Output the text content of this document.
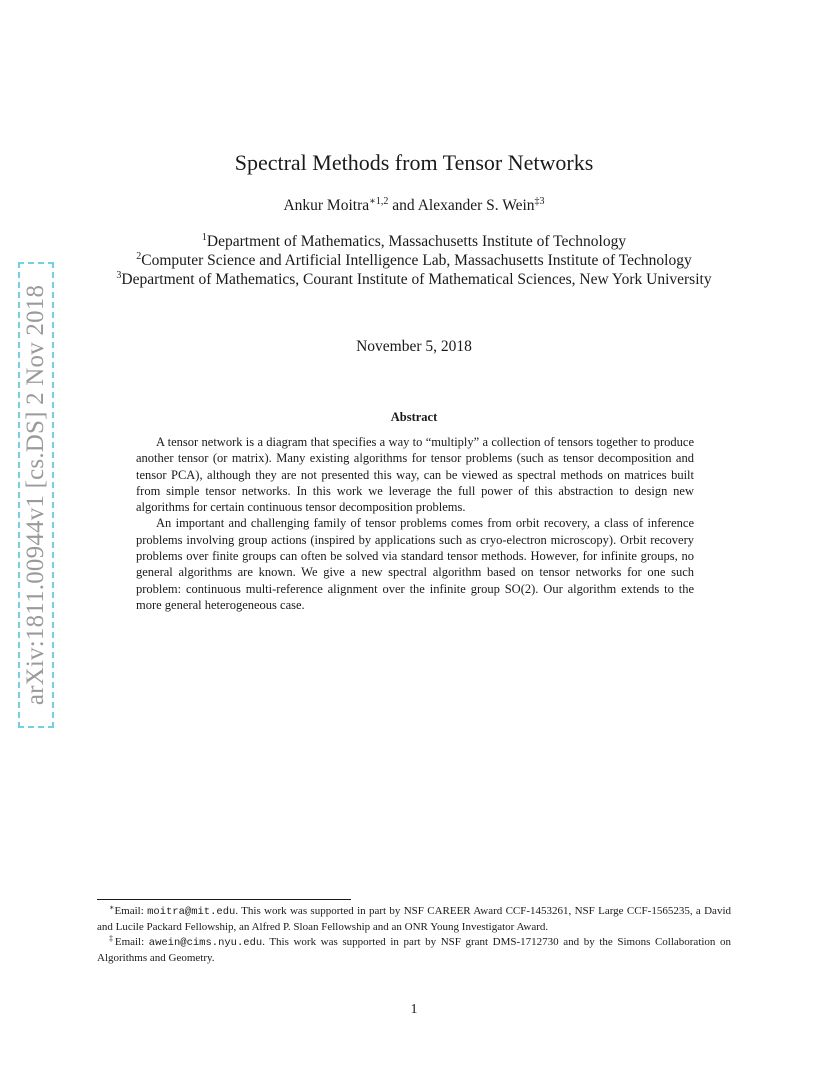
arXiv:1811.00944v1 [cs.DS] 2 Nov 2018
Spectral Methods from Tensor Networks
Ankur Moitra$^{∗1,2}$ and Alexander S. Wein$^{\ddagger 3}$
$^1$Department of Mathematics, Massachusetts Institute of Technology
$^2$Computer Science and Artificial Intelligence Lab, Massachusetts Institute of Technology
$^3$Department of Mathematics, Courant Institute of Mathematical Sciences, New York University
November 5, 2018
Abstract

A tensor network is a diagram that specifies a way to “multiply” a collection of tensors together to produce another tensor (or matrix). Many existing algorithms for tensor problems (such as tensor decomposition and tensor PCA), although they are not presented this way, can be viewed as spectral methods on matrices built from simple tensor networks. In this work we leverage the full power of this abstraction to design new algorithms for certain continuous tensor decomposition problems.

An important and challenging family of tensor problems comes from orbit recovery, a class of inference problems involving group actions (inspired by applications such as cryo-electron microscopy). Orbit recovery problems over finite groups can often be solved via standard tensor methods. However, for infinite groups, no general algorithms are known. We give a new spectral algorithm based on tensor networks for one such problem: continuous multi-reference alignment over the infinite group SO(2). Our algorithm extends to the more general heterogeneous case.

∗Email: moitra@mit.edu. This work was supported in part by NSF CAREER Award CCF-1453261, NSF Large CCF-1565235, a David and Lucile Packard Fellowship, an Alfred P. Sloan Fellowship and an ONR Young Investigator Award.

‡Email: awein@cims.nyu.edu. This work was supported in part by NSF grant DMS-1712730 and by the Simons Collaboration on Algorithms and Geometry.

1
